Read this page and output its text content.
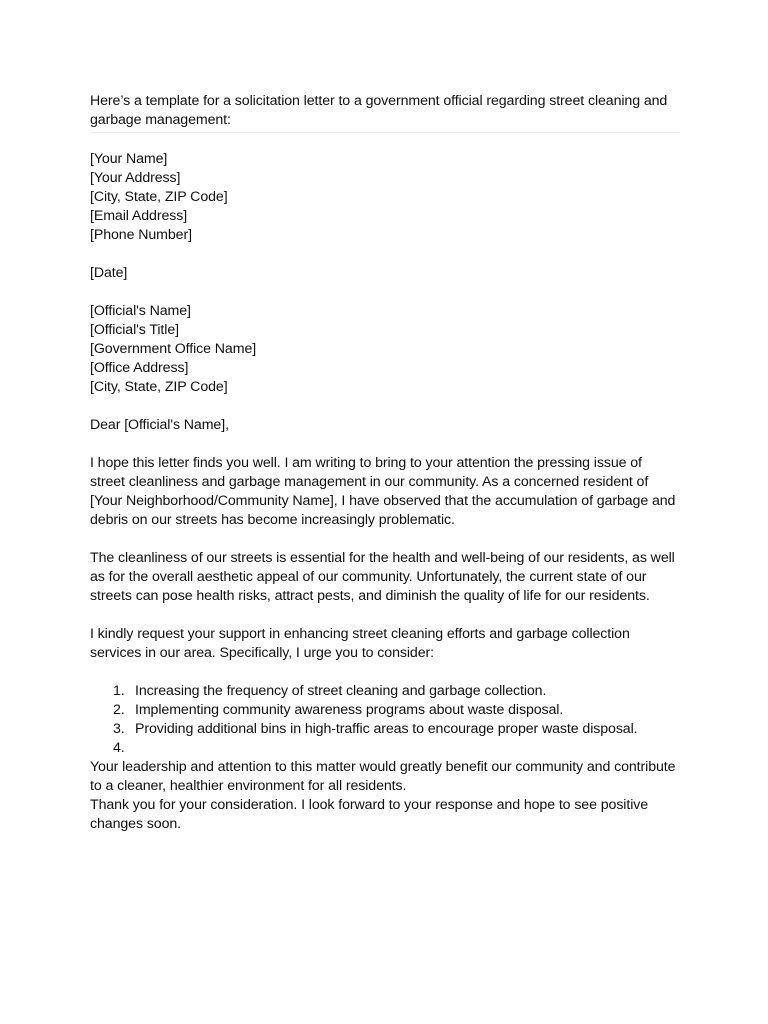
Here’s a template for a solicitation letter to a government official regarding street cleaning and garbage management:

[Your Name]
[Your Address]
[City, State, ZIP Code]
[Email Address]
[Phone Number]
[Date]
[Official's Name]
[Official's Title]
[Government Office Name]
[Office Address]
[City, State, ZIP Code]

Dear [Official's Name],

I hope this letter finds you well. I am writing to bring to your attention the pressing issue of street cleanliness and garbage management in our community. As a concerned resident of [Your Neighborhood/Community Name], I have observed that the accumulation of garbage and debris on our streets has become increasingly problematic.

The cleanliness of our streets is essential for the health and well-being of our residents, as well as for the overall aesthetic appeal of our community. Unfortunately, the current state of our streets can pose health risks, attract pests, and diminish the quality of life for our residents.

I kindly request your support in enhancing street cleaning efforts and garbage collection services in our area. Specifically, I urge you to consider:

Increasing the frequency of street cleaning and garbage collection.
Implementing community awareness programs about waste disposal.
Providing additional bins in high-traffic areas to encourage proper waste disposal.

Your leadership and attention to this matter would greatly benefit our community and contribute to a cleaner, healthier environment for all residents.

Thank you for your consideration. I look forward to your response and hope to see positive changes soon.
